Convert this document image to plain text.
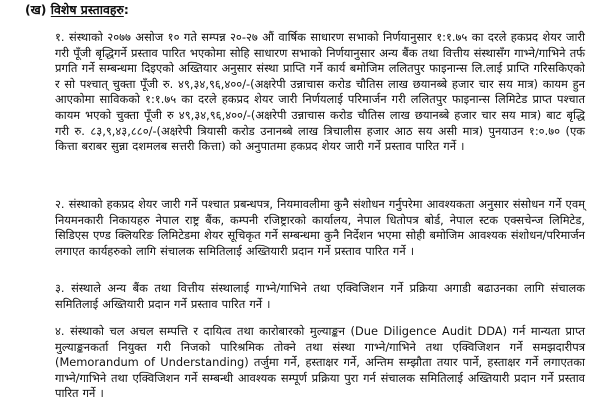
(ख) विशेष प्रस्तावहरु:
१. संस्थाको २०७७ असोज १० गते सम्पन्न २०-२७ औं वार्षिक साधारण सभाको निर्णयानुसार १:१.७५ का दरले हकप्रद शेयर जारी गरी पूँजी बृद्धिगर्ने प्रस्ताव पारित भएकोमा सोहि साधारण सभाको निर्णयानुसार अन्य बैंक तथा वित्तीय संस्थासँग गाभ्ने/गाभिने तर्फ प्रगति गर्ने सम्बन्धमा दिइएको अख्तियार अनुसार संस्था प्राप्ति गर्ने कार्य बमोजिम ललितपुर फाइनान्स लि.लाई प्राप्ति गरिसकिएको र सो पश्चात् चुक्ता पूँजी रु. ४९,३४,९६,४००/-(अक्षरेपी उन्नाचास करोड चौतिस लाख छयानब्बे हजार चार सय मात्र) कायम हुन आएकोमा साविककाे १:१.७५ का दरले हकप्रद शेयर जारी निर्णयलाई परिमार्जन गरी ललितपुर फाइनान्स लिमिटेड प्राप्त पश्चात कायम भएको चुक्ता पूँजी रु ४९,३४,९६,४००/-(अक्षरेपी उन्नाचास करोड चौतिस लाख छयानब्बे हजार चार सय मात्र) बाट बृद्धि गरी रु. ८३,९,४३,८८०/-(अक्षरेपी त्रियासी करोड उनानब्बे लाख त्रिचालीस हजार आठ सय असी मात्र) पुनयाउन १:०.७० (एक कित्ता बराबर सुन्ना दशमलब सत्तरी कित्ता) को अनुपातमा हकप्रद शेयर जारी गर्ने प्रस्ताव पारित गर्ने ।
२. संस्थाको हकप्रद शेयर जारी गर्ने पश्चात प्रबन्धपत्र, नियमावलीमा कुनै संशोधन गर्नुपरेमा आवश्यकता अनुसार संसोधन गर्ने एवम् नियमनकारी निकायहरु नेपाल राष्ट्र बैंक, कम्पनी रजिष्ट्रारको कार्यालय, नेपाल धितोपत्र बोर्ड, नेपाल स्टक एक्सचेन्ज लिमिटेड, सिडिएस एण्ड क्लियरिङ लिमिटेडमा शेयर सूचिकृत गर्ने सम्बन्धमा कुनै निर्देशन भएमा सोही बमोजिम आवश्यक संशोधन/परिमार्जन लगाएत कार्यहरुको लागि संचालक समितिलाई अख्तियारी प्रदान गर्ने प्रस्ताव पारित गर्ने ।
३. संस्थाले अन्य बैंक तथा वित्तीय संस्थालाई गाभ्ने/गाभिने तथा एक्विजिशन गर्ने प्रक्रिया अगाडी बढाउनका लागि संचालक समितिलाई अख्तियारी प्रदान गर्ने प्रस्ताव पारित गर्ने ।
४. संस्थाको चल अचल सम्पत्ति र दायित्व तथा कारोबारको मुल्याङ्कन (Due Diligence Audit DDA) गर्न मान्यता प्राप्त मुल्याङ्कनकर्ता नियुक्त गरी निजको पारिश्रमिक तोक्ने तथा संस्था गाभ्ने/गाभिने तथा एक्विजिशन गर्ने समझदारीपत्र (Memorandum of Understanding) तर्जुमा गर्ने, हस्ताक्षर गर्ने, अन्तिम सम्झौता तयार पार्ने, हस्ताक्षर गर्ने लगाएतका गाभ्ने/गाभिने तथा एक्विजिशन गर्ने सम्बन्धी आवश्यक सम्पूर्ण प्रक्रिया पुरा गर्न संचालक समितिलाई अख्तियारी प्रदान गर्ने प्रस्ताव पारित गर्ने ।
